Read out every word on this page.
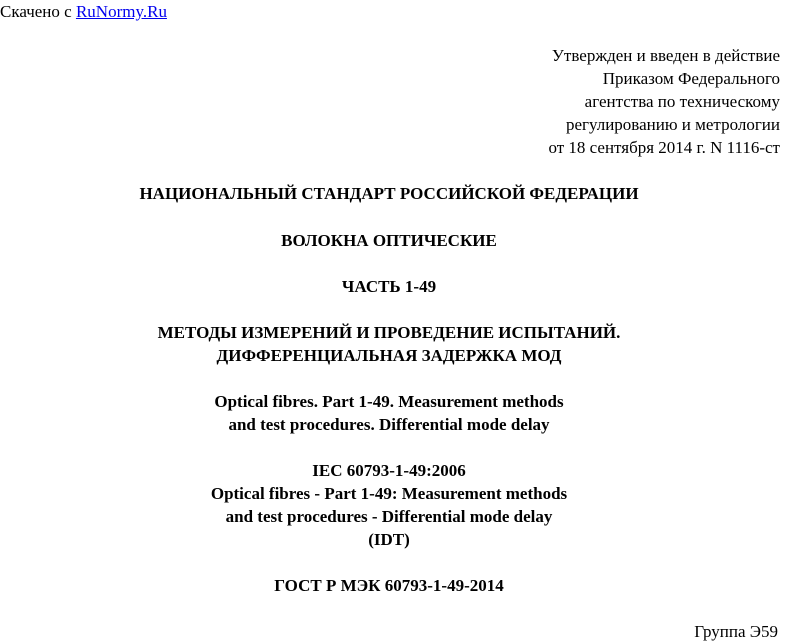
Скачено с RuNormy.Ru
Утвержден и введен в действие
Приказом Федерального
агентства по техническому
регулированию и метрологии
от 18 сентября 2014 г. N 1116-ст
НАЦИОНАЛЬНЫЙ СТАНДАРТ РОССИЙСКОЙ ФЕДЕРАЦИИ
ВОЛОКНА ОПТИЧЕСКИЕ
ЧАСТЬ 1-49
МЕТОДЫ ИЗМЕРЕНИЙ И ПРОВЕДЕНИЕ ИСПЫТАНИЙ.
ДИФФЕРЕНЦИАЛЬНАЯ ЗАДЕРЖКА МОД
Optical fibres. Part 1-49. Measurement methods
and test procedures. Differential mode delay
IEC 60793-1-49:2006
Optical fibres - Part 1-49: Measurement methods
and test procedures - Differential mode delay
(IDT)
ГОСТ Р МЭК 60793-1-49-2014
Группа Э59
